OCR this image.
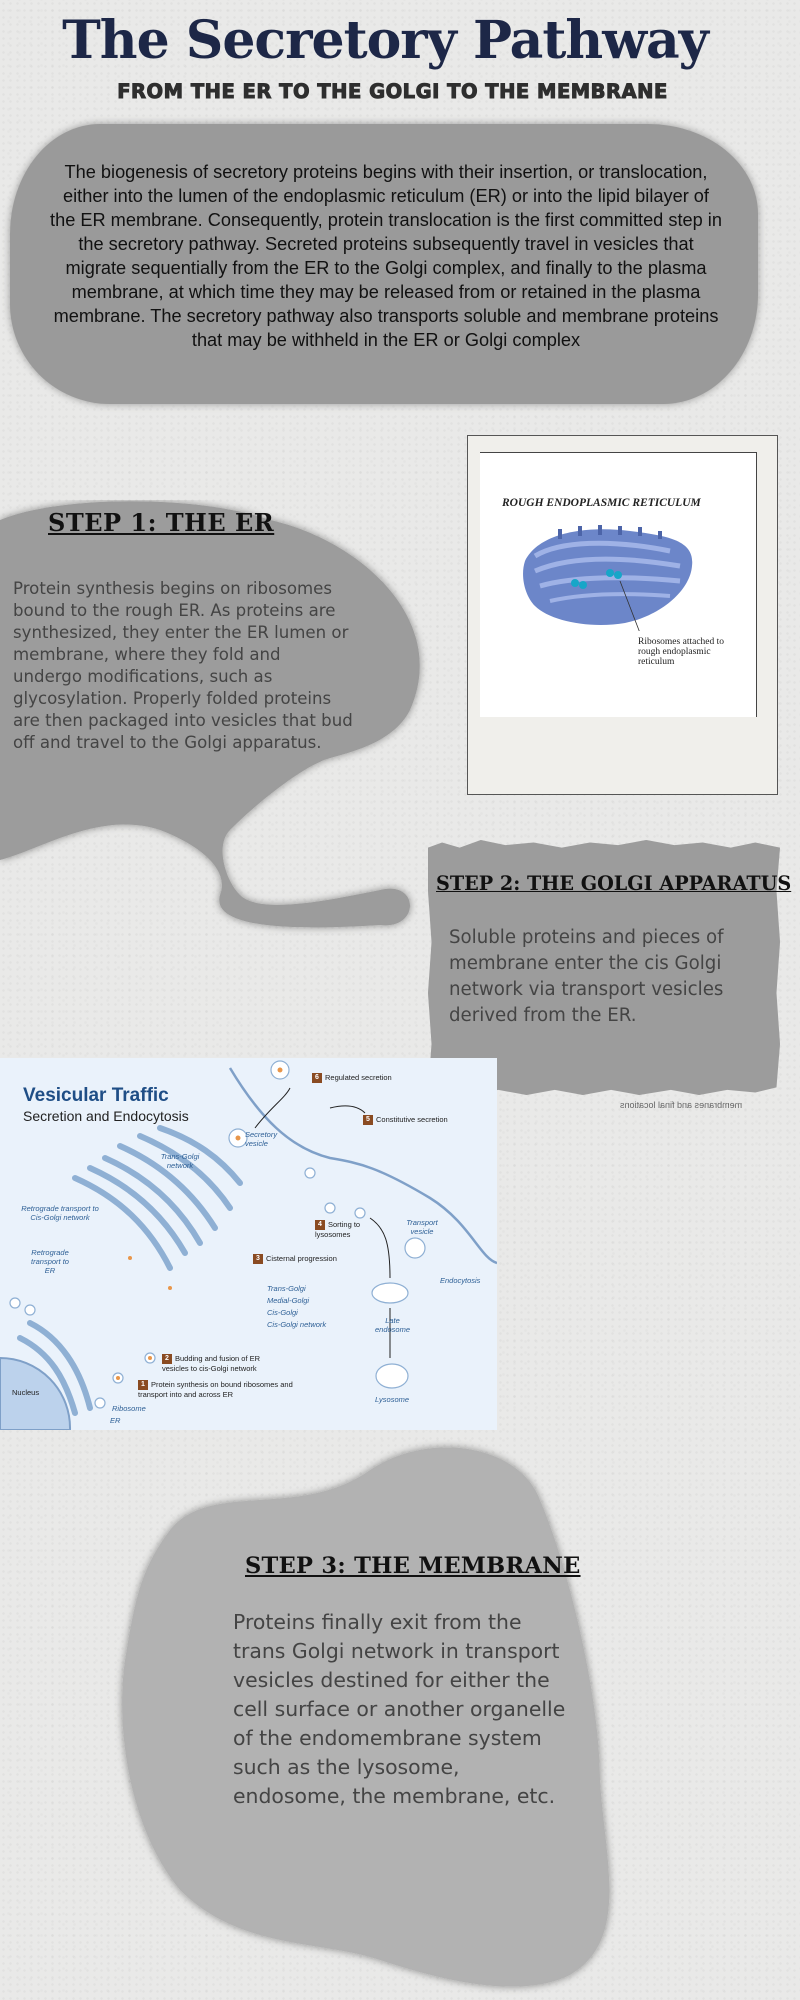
The Secretory Pathway
FROM THE ER TO THE GOLGI TO THE MEMBRANE
The biogenesis of secretory proteins begins with their insertion, or translocation, either into the lumen of the endoplasmic reticulum (ER) or into the lipid bilayer of the ER membrane. Consequently, protein translocation is the first committed step in the secretory pathway. Secreted proteins subsequently travel in vesicles that migrate sequentially from the ER to the Golgi complex, and finally to the plasma membrane, at which time they may be released from or retained in the plasma membrane. The secretory pathway also transports soluble and membrane proteins that may be withheld in the ER or Golgi complex
STEP 1: THE ER
Protein synthesis begins on ribosomes bound to the rough ER. As proteins are synthesized, they enter the ER lumen or membrane, where they fold and undergo modifications, such as glycosylation. Properly folded proteins are then packaged into vesicles that bud off and travel to the Golgi apparatus.
ROUGH ENDOPLASMIC RETICULUM
Ribosomes attached to rough endoplasmic reticulum
STEP 2: THE GOLGI APPARATUS
Soluble proteins and pieces of membrane enter the cis Golgi network via transport vesicles derived from the ER.
membranes and final locations
Vesicular Traffic
Secretion and Endocytosis
6 Regulated secretion
5 Constitutive secretion
Secretory vesicle
Trans-Golgi network
Retrograde transport to Cis-Golgi network
Retrograde transport to ER
4 Sorting to lysosomes
Transport vesicle
Endocytosis
3 Cisternal progression
Trans-Golgi
Medial-Golgi
Cis-Golgi
Cis-Golgi network	Late endosome
2 Budding and fusion of ER vesicles to cis-Golgi network
1 Protein synthesis on bound ribosomes and transport into and across ER
Nucleus
Ribosome
ER
Lysosome
STEP 3: THE MEMBRANE
Proteins finally exit from the trans Golgi network in transport vesicles destined for either the cell surface or another organelle of the endomembrane system such as the lysosome, endosome, the membrane, etc.
